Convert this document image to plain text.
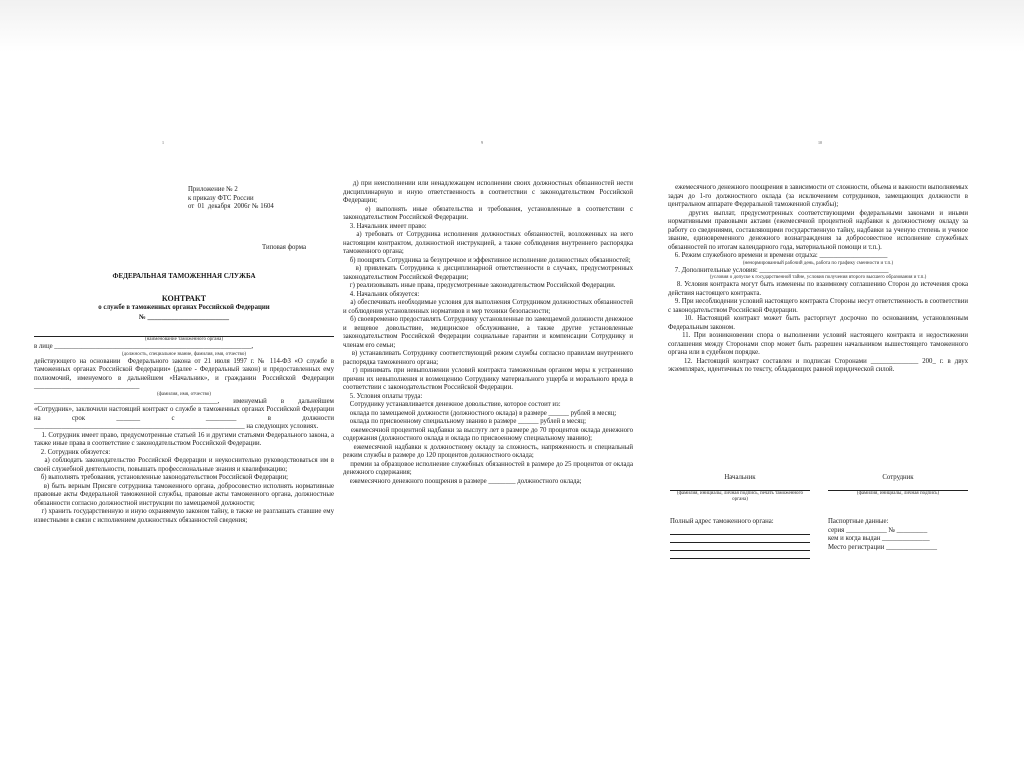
1

Приложение № 2

к приказу ФТС России

от  01  декабря  2006г № 1604

Типовая форма

ФЕДЕРАЛЬНАЯ ТАМОЖЕННАЯ СЛУЖБА
КОНТРАКТ
о службе в таможенных органах Российской Федерации
№ ________________________

(наименование таможенного органа)

в лице __________________________________________________________,

(должность, специальное звание, фамилия, имя, отчество)

действующего на основании  Федерального закона от 21 июля 1997 г. № 114-ФЗ «О службе в таможенных органах Российской Федерации» (далее - Федеральный закон) и предоставленных ему полномочий, именуемого в дальнейшем «Начальник», и гражданин Российской Федерации _______________________________

(фамилия, имя, отчество)

______________________________________________________, именуемый в дальнейшем «Сотрудник», заключили настоящий контракт о службе в таможенных органах Российской Федерации на срок _______ с _________ в должности ______________________________________________________________ на следующих условиях.

1. Сотрудник имеет право, предусмотренные статьей 16 и другими статьями Федерального закона, а также иные права в соответствие с законодательством Российской Федерации.

2. Сотрудник обязуется:

а) соблюдать законодательство Российской Федерации и неукоснительно руководствоваться им в своей служебной деятельности, повышать профессиональные знания и квалификацию;

б) выполнять требования, установленные законодательством Российской Федерации;

в) быть верным Присяге сотрудника таможенного органа, добросовестно исполнять нормативные правовые акты Федеральной таможенной службы, правовые акты таможенного органа, должностные обязанности согласно должностной инструкции по замещаемой должности;

г) хранить государственную и иную охраняемую законом тайну, в также не разглашать ставшие ему известными в связи с исполнением должностных обязанностей сведения;

9

д) при неисполнении или ненадлежащем исполнении своих должностных обязанностей нести дисциплинарную и иную ответственность в соответствии с законодательством Российской Федерации;
е) выполнять иные обязательства и требования, установленные в соответствии с законодательством Российской Федерации.
3. Начальник имеет право:
а) требовать от Сотрудника исполнения должностных обязанностей, возложенных на него настоящим контрактом, должностной инструкцией, а также соблюдения внутреннего распорядка таможенного органа;
б) поощрять Сотрудника за безупречное и эффективное исполнение должностных обязанностей;
в) привлекать Сотрудника к дисциплинарной ответственности в случаях, предусмотренных законодательством Российской Федерации;
г) реализовывать иные права, предусмотренные законодательством Российской Федерации.
4. Начальник обязуется:
а) обеспечивать необходимые условия для выполнения Сотрудником должностных обязанностей и соблюдения установленных нормативов и мер техники безопасности;
б) своевременно предоставлять Сотруднику установленные по замещаемой должности денежное и вещевое довольствие, медицинское обслуживание, а также другие установленные законодательством Российской Федерации социальные гарантии и компенсации Сотруднику и членам его семьи;
в) устанавливать Сотруднику соответствующий режим службы согласно правилам внутреннего распорядка таможенного органа;
г) принимать при невыполнении условий контракта таможенным органом меры к устранению причин их невыполнения и возмещению Сотруднику материального ущерба и морального вреда в соответствии с законодательством Российской Федерации.
5. Условия оплаты труда:
Сотруднику устанавливается денежное довольствие, которое состоит из:
оклада по замещаемой должности (должностного оклада) в размере ______ рублей в месяц;
оклада по присвоенному специальному званию в размере ______ рублей в месяц;
ежемесячной процентной надбавки за выслугу лет в размере до 70 процентов оклада денежного содержания (должностного оклада и оклада по присвоенному специальному званию);
ежемесячной надбавки к должностному окладу за сложность, напряженность и специальный режим службы в размере до 120 процентов должностного оклада;
премии за образцовое исполнение служебных обязанностей в размере до 25 процентов от оклада денежного содержания;
ежемесячного денежного поощрения в размере ________ должностного оклада;

10

ежемесячного денежного поощрения в зависимости от сложности, объема и важности выполняемых задач до 1-го должностного оклада (за исключением сотрудников, замещающих должности в центральном аппарате Федеральной таможенной службы);
других выплат, предусмотренных соответствующими федеральными законами и иными нормативными правовыми актами (ежемесячной процентной надбавки к должностному окладу за работу со сведениями, составляющими государственную тайну, надбавки за ученую степень и ученое звание, единовременного денежного вознаграждения за добросовестное исполнение служебных обязанностей по итогам календарного года, материальной помощи и т.п.).
6. Режим служебного времени и времени отдыха: ____________________

(ненормированный рабочий день, работа по графику сменности и т.п.)

7. Дополнительные условия: ______________________________________

(условия о допуске к государственной тайне, условия получения второго высшего образования и т.п.)

8. Условия контракта могут быть изменены по взаимному соглашению Сторон до истечения срока действия настоящего контракта.
9. При несоблюдении условий настоящего контракта Стороны несут ответственность в соответствии с законодательством Российской Федерации.
10. Настоящий контракт может быть расторгнут досрочно по основаниям, установленным Федеральным законом.
11. При возникновении спора о выполнении условий настоящего контракта и недостижении соглашения между Сторонами спор может быть разрешен начальником вышестоящего таможенного органа или в судебном порядке.
12. Настоящий контракт составлен и подписан Сторонами ______________ 200_ г. в двух экземплярах, идентичных по тексту, обладающих равной юридической силой.

Начальник

(фамилия, инициалы, личная подпись, печать таможенного органа)

Сотрудник

(фамилия, инициалы, личная подпись)

Полный адрес таможенного органа:	Паспортные данные:

серия ____________ № _________

кем и когда выдан ______________

Место регистрации _______________
